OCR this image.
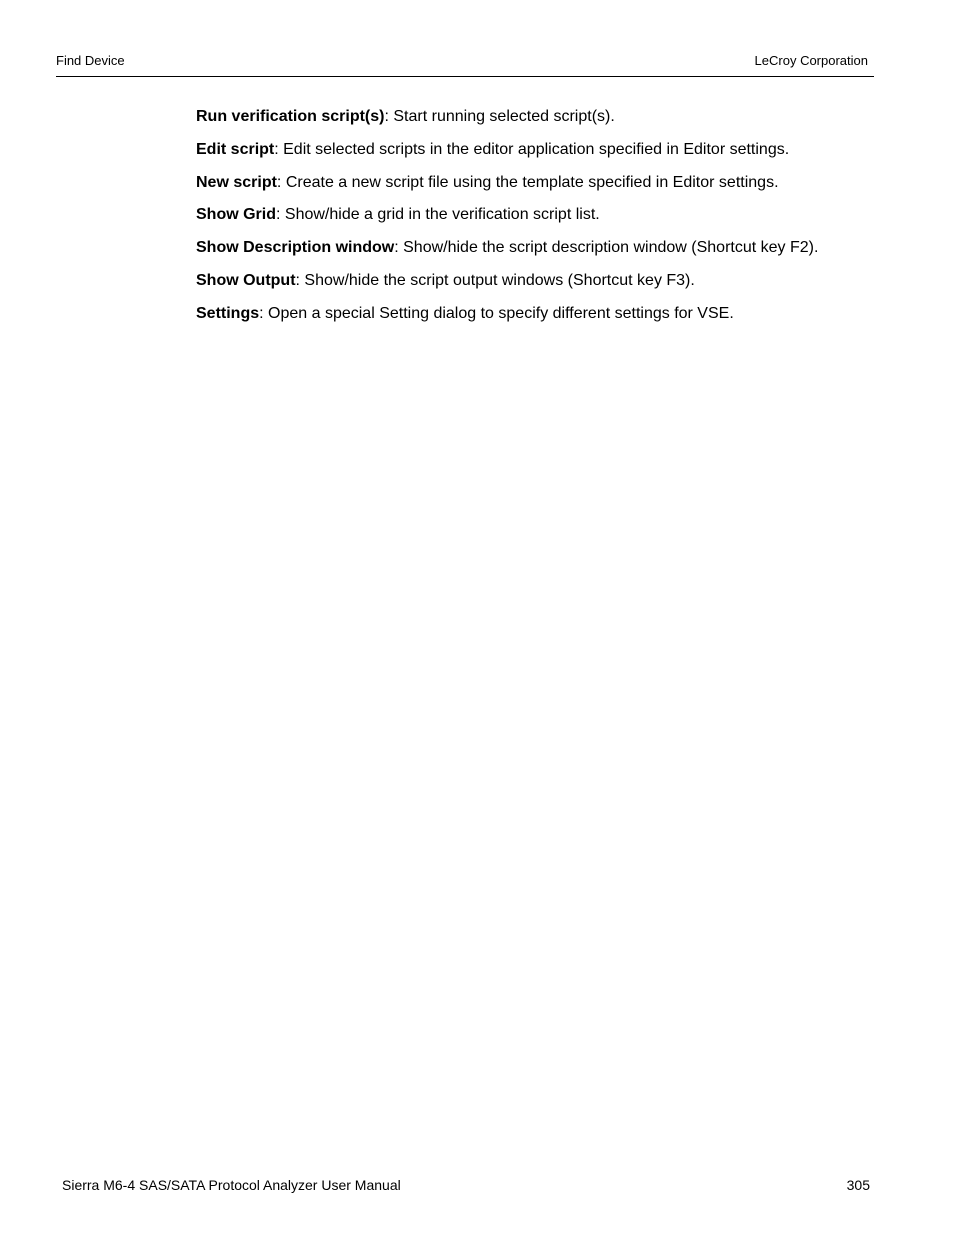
Find Device	LeCroy Corporation
Run verification script(s): Start running selected script(s).
Edit script: Edit selected scripts in the editor application specified in Editor settings.
New script: Create a new script file using the template specified in Editor settings.
Show Grid: Show/hide a grid in the verification script list.
Show Description window: Show/hide the script description window (Shortcut key F2).
Show Output: Show/hide the script output windows (Shortcut key F3).
Settings: Open a special Setting dialog to specify different settings for VSE.
Sierra M6-4 SAS/SATA Protocol Analyzer User Manual	305
